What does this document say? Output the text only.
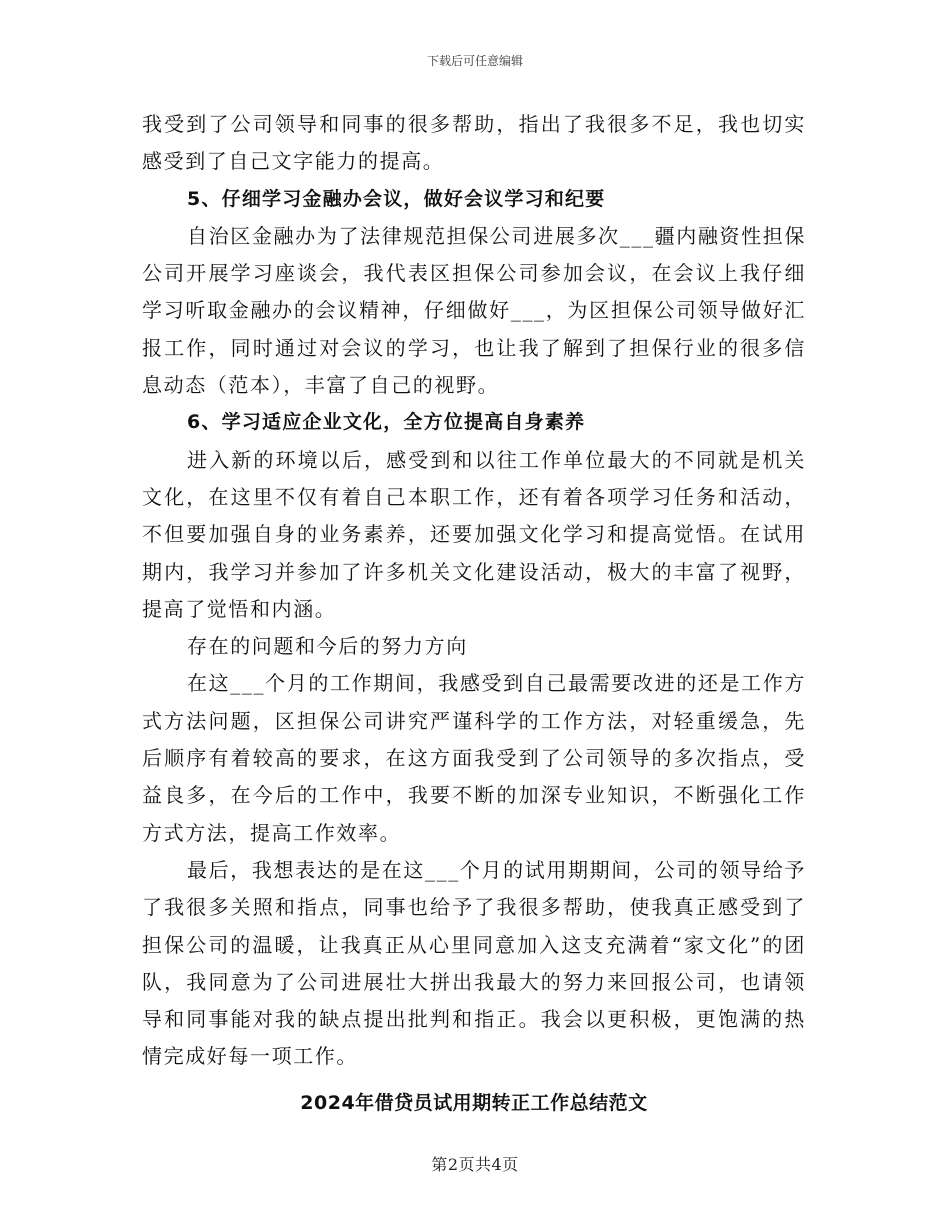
下载后可任意编辑

我受到了公司领导和同事的很多帮助，指出了我很多不足，我也切实感受到了自己文字能力的提高。

5、仔细学习金融办会议，做好会议学习和纪要

自治区金融办为了法律规范担保公司进展多次___疆内融资性担保公司开展学习座谈会，我代表区担保公司参加会议，在会议上我仔细学习听取金融办的会议精神，仔细做好___，为区担保公司领导做好汇报工作，同时通过对会议的学习，也让我了解到了担保行业的很多信息动态（范本），丰富了自己的视野。

6、学习适应企业文化，全方位提高自身素养

进入新的环境以后，感受到和以往工作单位最大的不同就是机关文化，在这里不仅有着自己本职工作，还有着各项学习任务和活动，不但要加强自身的业务素养，还要加强文化学习和提高觉悟。在试用期内，我学习并参加了许多机关文化建设活动，极大的丰富了视野，提高了觉悟和内涵。

存在的问题和今后的努力方向

在这___个月的工作期间，我感受到自己最需要改进的还是工作方式方法问题，区担保公司讲究严谨科学的工作方法，对轻重缓急，先后顺序有着较高的要求，在这方面我受到了公司领导的多次指点，受益良多，在今后的工作中，我要不断的加深专业知识，不断强化工作方式方法，提高工作效率。

最后，我想表达的是在这___个月的试用期期间，公司的领导给予了我很多关照和指点，同事也给予了我很多帮助，使我真正感受到了担保公司的温暖，让我真正从心里同意加入这支充满着“家文化”的团队，我同意为了公司进展壮大拼出我最大的努力来回报公司，也请领导和同事能对我的缺点提出批判和指正。我会以更积极，更饱满的热情完成好每一项工作。

2024年借贷员试用期转正工作总结范文

第2页共4页
